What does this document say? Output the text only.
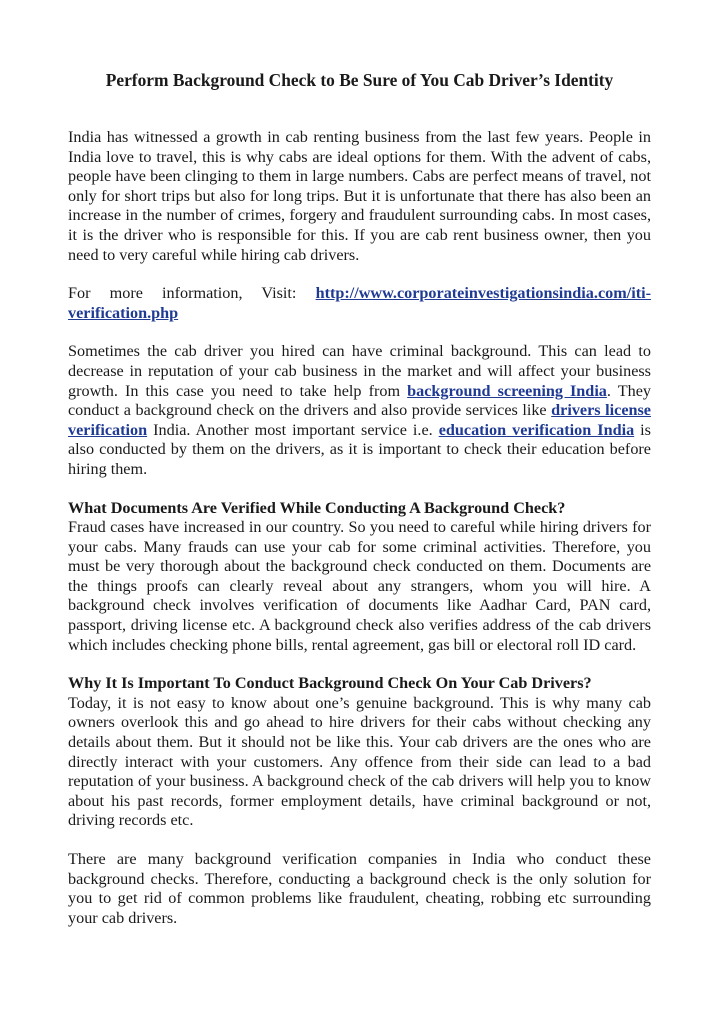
Perform Background Check to Be Sure of You Cab Driver’s Identity

India has witnessed a growth in cab renting business from the last few years. People in India love to travel, this is why cabs are ideal options for them. With the advent of cabs, people have been clinging to them in large numbers. Cabs are perfect means of travel, not only for short trips but also for long trips. But it is unfortunate that there has also been an increase in the number of crimes, forgery and fraudulent surrounding cabs. In most cases, it is the driver who is responsible for this. If you are cab rent business owner, then you need to very careful while hiring cab drivers.

For more information, Visit: http://www.corporateinvestigationsindia.com/iti-verification.php

Sometimes the cab driver you hired can have criminal background. This can lead to decrease in reputation of your cab business in the market and will affect your business growth. In this case you need to take help from background screening India. They conduct a background check on the drivers and also provide services like drivers license verification India. Another most important service i.e. education verification India is also conducted by them on the drivers, as it is important to check their education before hiring them.

What Documents Are Verified While Conducting A Background Check?
Fraud cases have increased in our country. So you need to careful while hiring drivers for your cabs. Many frauds can use your cab for some criminal activities. Therefore, you must be very thorough about the background check conducted on them. Documents are the things proofs can clearly reveal about any strangers, whom you will hire. A background check involves verification of documents like Aadhar Card, PAN card, passport, driving license etc. A background check also verifies address of the cab drivers which includes checking phone bills, rental agreement, gas bill or electoral roll ID card.

Why It Is Important To Conduct Background Check On Your Cab Drivers?
Today, it is not easy to know about one’s genuine background. This is why many cab owners overlook this and go ahead to hire drivers for their cabs without checking any details about them. But it should not be like this. Your cab drivers are the ones who are directly interact with your customers. Any offence from their side can lead to a bad reputation of your business. A background check of the cab drivers will help you to know about his past records, former employment details, have criminal background or not, driving records etc.

There are many background verification companies in India who conduct these background checks. Therefore, conducting a background check is the only solution for you to get rid of common problems like fraudulent, cheating, robbing etc surrounding your cab drivers.
